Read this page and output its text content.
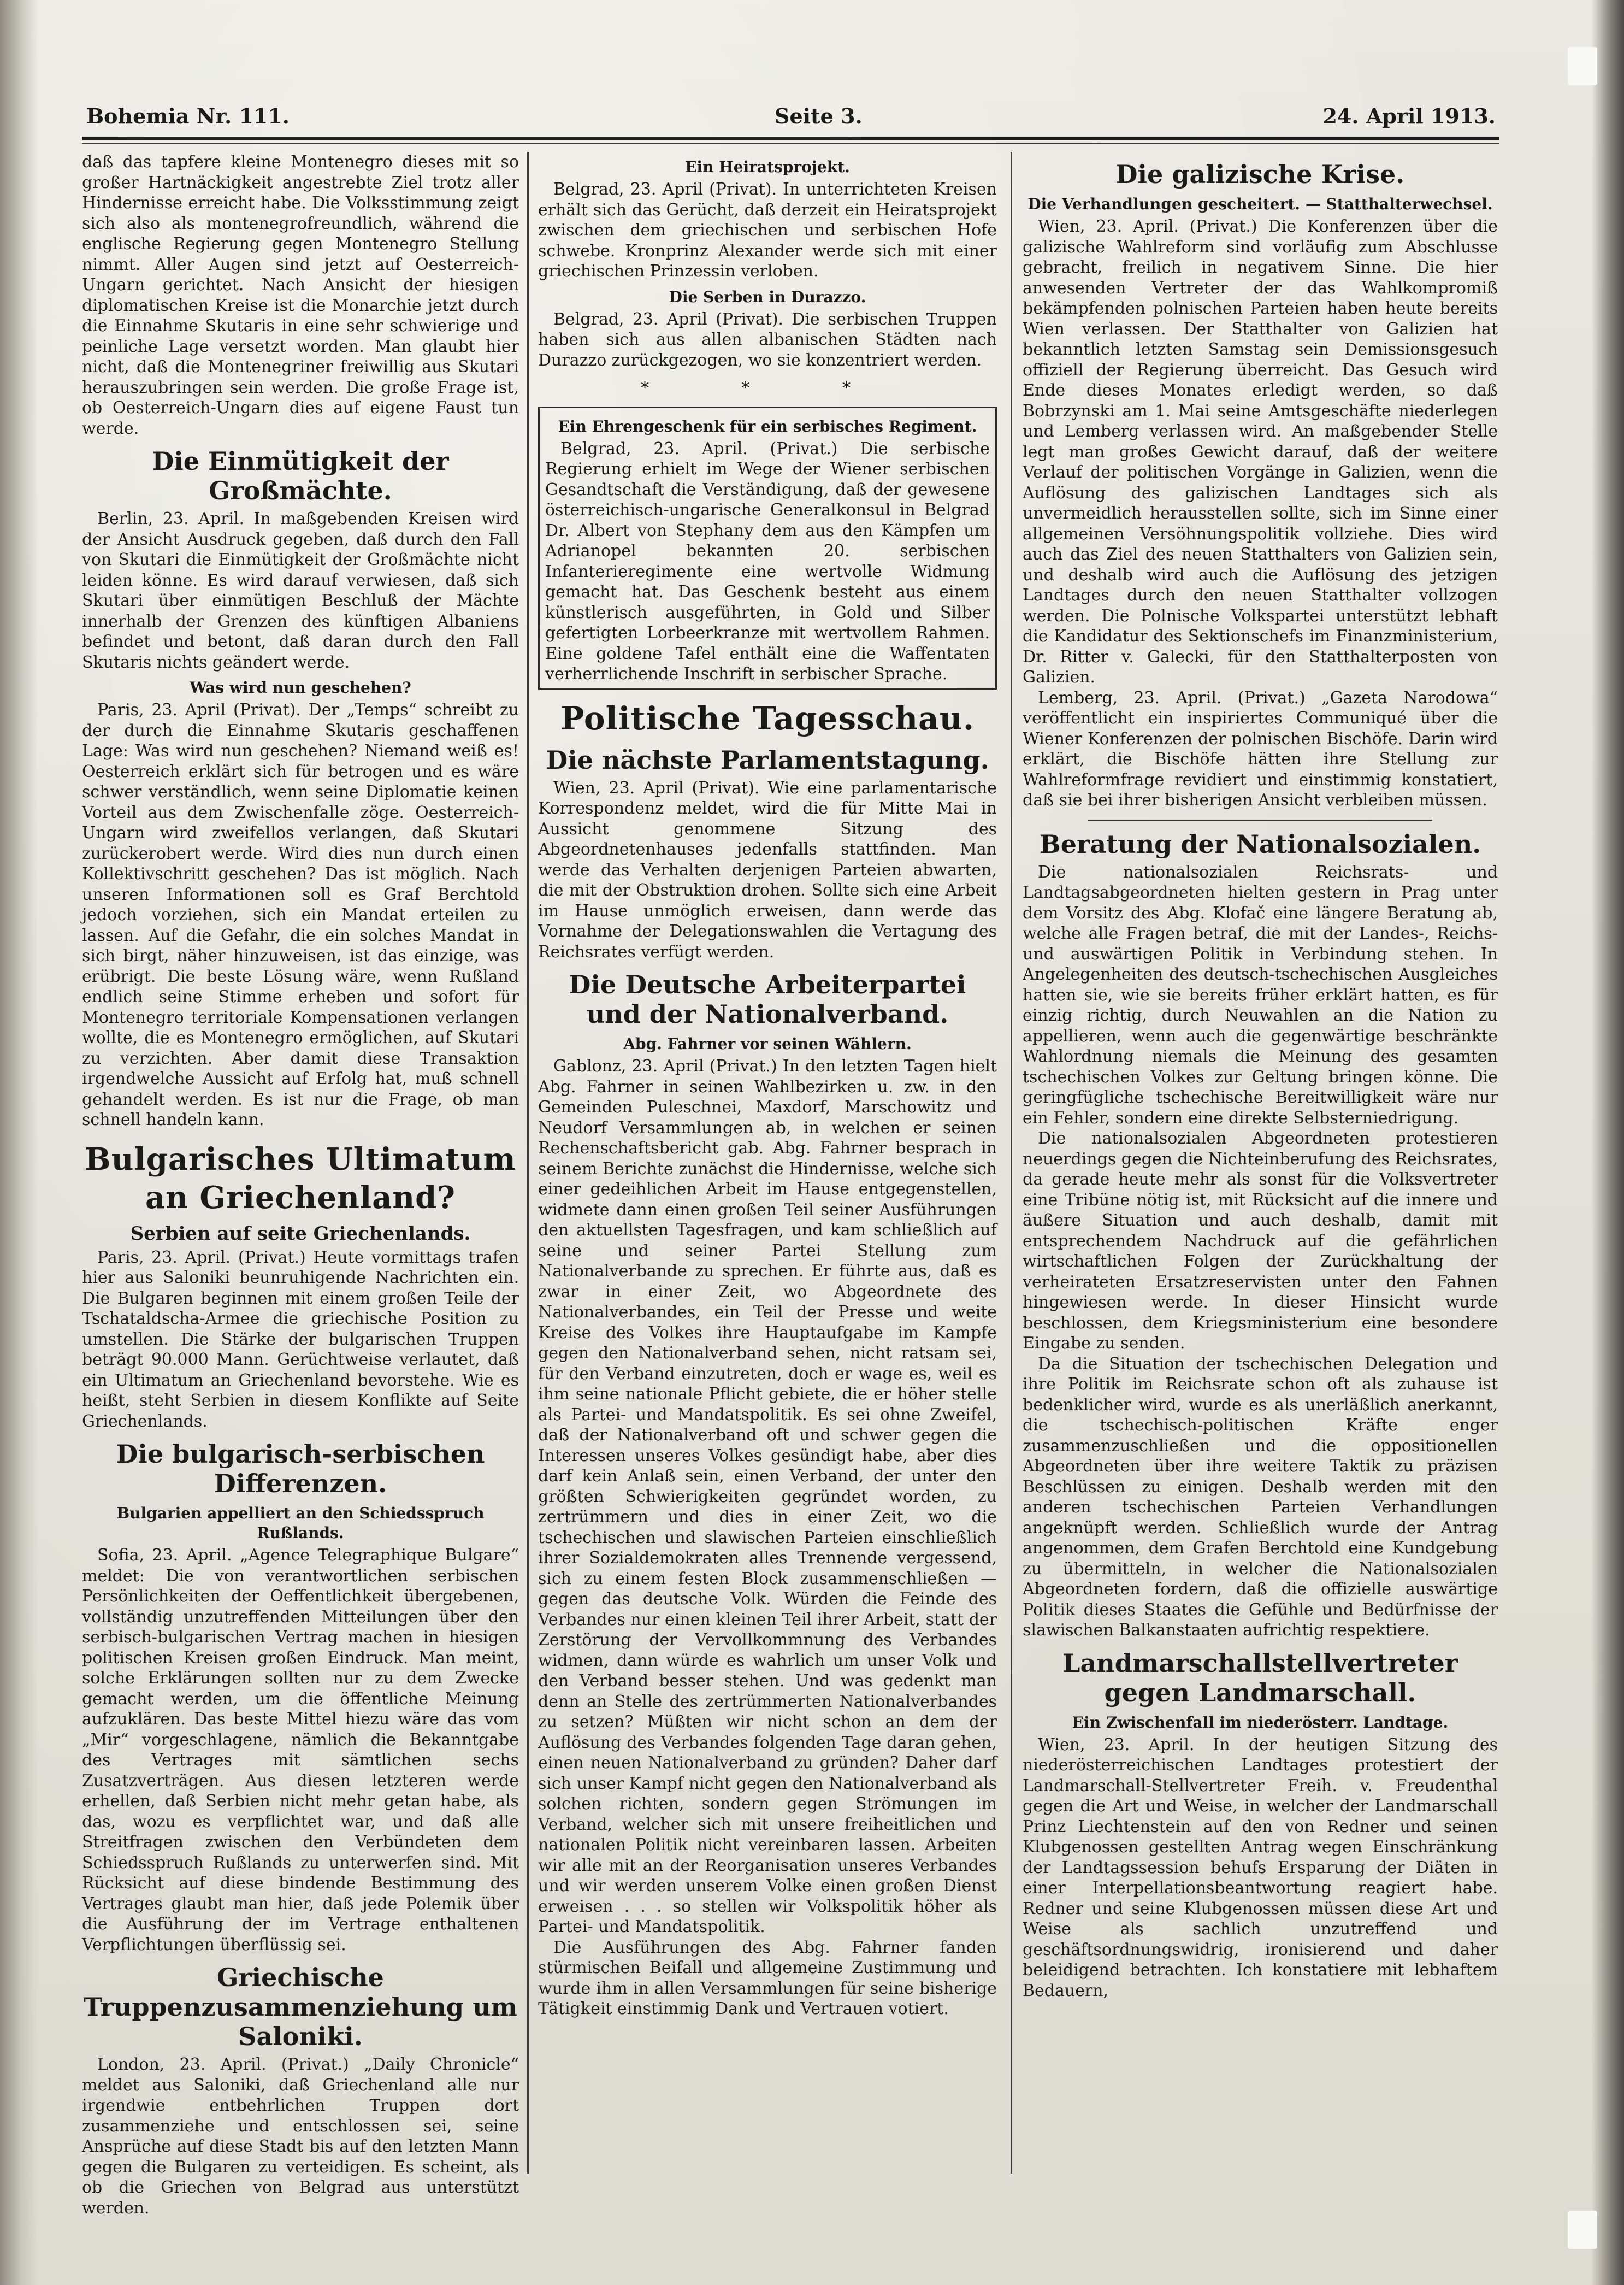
Bohemia Nr. 111.	Seite 3.	24. April 1913.

daß das tapfere kleine Montenegro dieses mit so großer Hartnäckigkeit angestrebte Ziel trotz aller Hindernisse erreicht habe. Die Volksstimmung zeigt sich also als montenegrofreundlich, während die englische Regierung gegen Montenegro Stellung nimmt. Aller Augen sind jetzt auf Oesterreich-Ungarn gerichtet. Nach Ansicht der hiesigen diplomatischen Kreise ist die Monarchie jetzt durch die Einnahme Skutaris in eine sehr schwierige und peinliche Lage versetzt worden. Man glaubt hier nicht, daß die Montenegriner freiwillig aus Skutari herauszubringen sein werden. Die große Frage ist, ob Oesterreich-Ungarn dies auf eigene Faust tun werde.

Die Einmütigkeit der Großmächte.

Berlin, 23. April. In maßgebenden Kreisen wird der Ansicht Ausdruck gegeben, daß durch den Fall von Skutari die Einmütigkeit der Großmächte nicht leiden könne. Es wird darauf verwiesen, daß sich Skutari über einmütigen Beschluß der Mächte innerhalb der Grenzen des künftigen Albaniens befindet und betont, daß daran durch den Fall Skutaris nichts geändert werde.

Was wird nun geschehen?

Paris, 23. April (Privat). Der „Temps“ schreibt zu der durch die Einnahme Skutaris geschaffenen Lage: Was wird nun geschehen? Niemand weiß es! Oesterreich erklärt sich für betrogen und es wäre schwer verständlich, wenn seine Diplomatie keinen Vorteil aus dem Zwischenfalle zöge. Oesterreich-Ungarn wird zweifellos verlangen, daß Skutari zurückerobert werde. Wird dies nun durch einen Kollektivschritt geschehen? Das ist möglich. Nach unseren Informationen soll es Graf Berchtold jedoch vorziehen, sich ein Mandat erteilen zu lassen. Auf die Gefahr, die ein solches Mandat in sich birgt, näher hinzuweisen, ist das einzige, was erübrigt. Die beste Lösung wäre, wenn Rußland endlich seine Stimme erheben und sofort für Montenegro territoriale Kompensationen verlangen wollte, die es Montenegro ermöglichen, auf Skutari zu verzichten. Aber damit diese Transaktion irgendwelche Aussicht auf Erfolg hat, muß schnell gehandelt werden. Es ist nur die Frage, ob man schnell handeln kann.

Bulgarisches Ultimatum an Griechenland?
Serbien auf seite Griechenlands.

Paris, 23. April. (Privat.) Heute vormittags trafen hier aus Saloniki beunruhigende Nachrichten ein. Die Bulgaren beginnen mit einem großen Teile der Tschataldscha-Armee die griechische Position zu umstellen. Die Stärke der bulgarischen Truppen beträgt 90.000 Mann. Gerüchtweise verlautet, daß ein Ultimatum an Griechenland bevorstehe. Wie es heißt, steht Serbien in diesem Konflikte auf Seite Griechenlands.

Die bulgarisch-serbischen Differenzen.
Bulgarien appelliert an den Schiedsspruch Rußlands.

Sofia, 23. April. „Agence Telegraphique Bulgare“ meldet: Die von verantwortlichen serbischen Persönlichkeiten der Oeffentlichkeit übergebenen, vollständig unzutreffenden Mitteilungen über den serbisch-bulgarischen Vertrag machen in hiesigen politischen Kreisen großen Eindruck. Man meint, solche Erklärungen sollten nur zu dem Zwecke gemacht werden, um die öffentliche Meinung aufzuklären. Das beste Mittel hiezu wäre das vom „Mir“ vorgeschlagene, nämlich die Bekanntgabe des Vertrages mit sämtlichen sechs Zusatzverträgen. Aus diesen letzteren werde erhellen, daß Serbien nicht mehr getan habe, als das, wozu es verpflichtet war, und daß alle Streitfragen zwischen den Verbündeten dem Schiedsspruch Rußlands zu unterwerfen sind. Mit Rücksicht auf diese bindende Bestimmung des Vertrages glaubt man hier, daß jede Polemik über die Ausführung der im Vertrage enthaltenen Verpflichtungen überflüssig sei.

Griechische Truppenzusammenziehung um Saloniki.

London, 23. April. (Privat.) „Daily Chronicle“ meldet aus Saloniki, daß Griechenland alle nur irgendwie entbehrlichen Truppen dort zusammenziehe und entschlossen sei, seine Ansprüche auf diese Stadt bis auf den letzten Mann gegen die Bulgaren zu verteidigen. Es scheint, als ob die Griechen von Belgrad aus unterstützt werden.

Ein Heiratsprojekt.

Belgrad, 23. April (Privat). In unterrichteten Kreisen erhält sich das Gerücht, daß derzeit ein Heiratsprojekt zwischen dem griechischen und serbischen Hofe schwebe. Kronprinz Alexander werde sich mit einer griechischen Prinzessin verloben.

Die Serben in Durazzo.

Belgrad, 23. April (Privat). Die serbischen Truppen haben sich aus allen albanischen Städten nach Durazzo zurückgezogen, wo sie konzentriert werden.

* * *
Ein Ehrengeschenk für ein serbisches Regiment.

Belgrad, 23. April. (Privat.) Die serbische Regierung erhielt im Wege der Wiener serbischen Gesandtschaft die Verständigung, daß der gewesene österreichisch-ungarische Generalkonsul in Belgrad Dr. Albert von Stephany dem aus den Kämpfen um Adrianopel bekannten 20. serbischen Infanterieregimente eine wertvolle Widmung gemacht hat. Das Geschenk besteht aus einem künstlerisch ausgeführten, in Gold und Silber gefertigten Lorbeerkranze mit wertvollem Rahmen. Eine goldene Tafel enthält eine die Waffentaten verherrlichende Inschrift in serbischer Sprache.

Politische Tagesschau.
Die nächste Parlamentstagung.

Wien, 23. April (Privat). Wie eine parlamentarische Korrespondenz meldet, wird die für Mitte Mai in Aussicht genommene Sitzung des Abgeordnetenhauses jedenfalls stattfinden. Man werde das Verhalten derjenigen Parteien abwarten, die mit der Obstruktion drohen. Sollte sich eine Arbeit im Hause unmöglich erweisen, dann werde das Vornahme der Delegationswahlen die Vertagung des Reichsrates verfügt werden.

Die Deutsche Arbeiterpartei und der Nationalverband.
Abg. Fahrner vor seinen Wählern.

Gablonz, 23. April (Privat.) In den letzten Tagen hielt Abg. Fahrner in seinen Wahlbezirken u. zw. in den Gemeinden Puleschnei, Maxdorf, Marschowitz und Neudorf Versammlungen ab, in welchen er seinen Rechenschaftsbericht gab. Abg. Fahrner besprach in seinem Berichte zunächst die Hindernisse, welche sich einer gedeihlichen Arbeit im Hause entgegenstellen, widmete dann einen großen Teil seiner Ausführungen den aktuellsten Tagesfragen, und kam schließlich auf seine und seiner Partei Stellung zum Nationalverbande zu sprechen. Er führte aus, daß es zwar in einer Zeit, wo Abgeordnete des Nationalverbandes, ein Teil der Presse und weite Kreise des Volkes ihre Hauptaufgabe im Kampfe gegen den Nationalverband sehen, nicht ratsam sei, für den Verband einzutreten, doch er wage es, weil es ihm seine nationale Pflicht gebiete, die er höher stelle als Partei- und Mandatspolitik. Es sei ohne Zweifel, daß der Nationalverband oft und schwer gegen die Interessen unseres Volkes gesündigt habe, aber dies darf kein Anlaß sein, einen Verband, der unter den größten Schwierigkeiten gegründet worden, zu zertrümmern und dies in einer Zeit, wo die tschechischen und slawischen Parteien einschließlich ihrer Sozialdemokraten alles Trennende vergessend, sich zu einem festen Block zusammenschließen — gegen das deutsche Volk. Würden die Feinde des Verbandes nur einen kleinen Teil ihrer Arbeit, statt der Zerstörung der Vervollkommnung des Verbandes widmen, dann würde es wahrlich um unser Volk und den Verband besser stehen. Und was gedenkt man denn an Stelle des zertrümmerten Nationalverbandes zu setzen? Müßten wir nicht schon an dem der Auflösung des Verbandes folgenden Tage daran gehen, einen neuen Nationalverband zu gründen? Daher darf sich unser Kampf nicht gegen den Nationalverband als solchen richten, sondern gegen Strömungen im Verband, welcher sich mit unsere freiheitlichen und nationalen Politik nicht vereinbaren lassen. Arbeiten wir alle mit an der Reorganisation unseres Verbandes und wir werden unserem Volke einen großen Dienst erweisen . . . so stellen wir Volkspolitik höher als Partei- und Mandatspolitik.

Die Ausführungen des Abg. Fahrner fanden stürmischen Beifall und allgemeine Zustimmung und wurde ihm in allen Versammlungen für seine bisherige Tätigkeit einstimmig Dank und Vertrauen votiert.

Die galizische Krise.
Die Verhandlungen gescheitert. — Statthalterwechsel.

Wien, 23. April. (Privat.) Die Konferenzen über die galizische Wahlreform sind vorläufig zum Abschlusse gebracht, freilich in negativem Sinne. Die hier anwesenden Vertreter der das Wahlkompromiß bekämpfenden polnischen Parteien haben heute bereits Wien verlassen. Der Statthalter von Galizien hat bekanntlich letzten Samstag sein Demissionsgesuch offiziell der Regierung überreicht. Das Gesuch wird Ende dieses Monates erledigt werden, so daß Bobrzynski am 1. Mai seine Amtsgeschäfte niederlegen und Lemberg verlassen wird. An maßgebender Stelle legt man großes Gewicht darauf, daß der weitere Verlauf der politischen Vorgänge in Galizien, wenn die Auflösung des galizischen Landtages sich als unvermeidlich herausstellen sollte, sich im Sinne einer allgemeinen Versöhnungspolitik vollziehe. Dies wird auch das Ziel des neuen Statthalters von Galizien sein, und deshalb wird auch die Auflösung des jetzigen Landtages durch den neuen Statthalter vollzogen werden. Die Polnische Volkspartei unterstützt lebhaft die Kandidatur des Sektionschefs im Finanzministerium, Dr. Ritter v. Galecki, für den Statthalterposten von Galizien.

Lemberg, 23. April. (Privat.) „Gazeta Narodowa“ veröffentlicht ein inspiriertes Communiqué über die Wiener Konferenzen der polnischen Bischöfe. Darin wird erklärt, die Bischöfe hätten ihre Stellung zur Wahlreformfrage revidiert und einstimmig konstatiert, daß sie bei ihrer bisherigen Ansicht verbleiben müssen.

Beratung der Nationalsozialen.

Die nationalsozialen Reichsrats- und Landtagsabgeordneten hielten gestern in Prag unter dem Vorsitz des Abg. Klofač eine längere Beratung ab, welche alle Fragen betraf, die mit der Landes-, Reichs- und auswärtigen Politik in Verbindung stehen. In Angelegenheiten des deutsch-tschechischen Ausgleiches hatten sie, wie sie bereits früher erklärt hatten, es für einzig richtig, durch Neuwahlen an die Nation zu appellieren, wenn auch die gegenwärtige beschränkte Wahlordnung niemals die Meinung des gesamten tschechischen Volkes zur Geltung bringen könne. Die geringfügliche tschechische Bereitwilligkeit wäre nur ein Fehler, sondern eine direkte Selbsterniedrigung.

Die nationalsozialen Abgeordneten protestieren neuerdings gegen die Nichteinberufung des Reichsrates, da gerade heute mehr als sonst für die Volksvertreter eine Tribüne nötig ist, mit Rücksicht auf die innere und äußere Situation und auch deshalb, damit mit entsprechendem Nachdruck auf die gefährlichen wirtschaftlichen Folgen der Zurückhaltung der verheirateten Ersatzreservisten unter den Fahnen hingewiesen werde. In dieser Hinsicht wurde beschlossen, dem Kriegsministerium eine besondere Eingabe zu senden.

Da die Situation der tschechischen Delegation und ihre Politik im Reichsrate schon oft als zuhause ist bedenklicher wird, wurde es als unerläßlich anerkannt, die tschechisch-politischen Kräfte enger zusammenzuschließen und die oppositionellen Abgeordneten über ihre weitere Taktik zu präzisen Beschlüssen zu einigen. Deshalb werden mit den anderen tschechischen Parteien Verhandlungen angeknüpft werden. Schließlich wurde der Antrag angenommen, dem Grafen Berchtold eine Kundgebung zu übermitteln, in welcher die Nationalsozialen Abgeordneten fordern, daß die offizielle auswärtige Politik dieses Staates die Gefühle und Bedürfnisse der slawischen Balkanstaaten aufrichtig respektiere.

Landmarschallstellvertreter gegen Landmarschall.
Ein Zwischenfall im niederösterr. Landtage.

Wien, 23. April. In der heutigen Sitzung des niederösterreichischen Landtages protestiert der Landmarschall-Stellvertreter Freih. v. Freudenthal gegen die Art und Weise, in welcher der Landmarschall Prinz Liechtenstein auf den von Redner und seinen Klubgenossen gestellten Antrag wegen Einschränkung der Landtagssession behufs Ersparung der Diäten in einer Interpellationsbeantwortung reagiert habe. Redner und seine Klubgenossen müssen diese Art und Weise als sachlich unzutreffend und geschäftsordnungswidrig, ironisierend und daher beleidigend betrachten. Ich konstatiere mit lebhaftem Bedauern,
